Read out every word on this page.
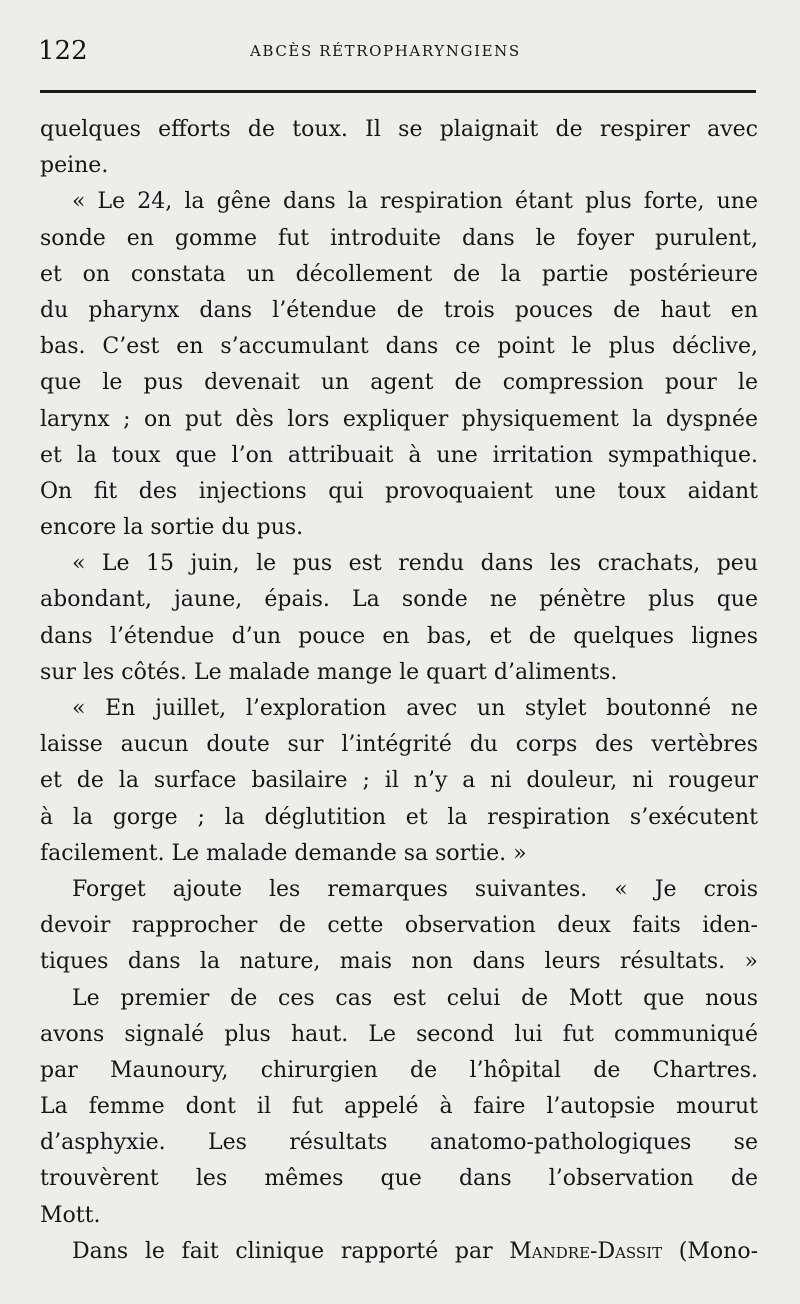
122	ABCÈS RÉTROPHARYNGIENS
quelques efforts de toux. Il se plaignait de respirer avec
peine.
« Le 24, la gêne dans la respiration étant plus forte, une
sonde en gomme fut introduite dans le foyer purulent,
et on constata un décollement de la partie postérieure
du pharynx dans l’étendue de trois pouces de haut en
bas. C’est en s’accumulant dans ce point le plus déclive,
que le pus devenait un agent de compression pour le
larynx ; on put dès lors expliquer physiquement la dyspnée
et la toux que l’on attribuait à une irritation sympathique.
On fit des injections qui provoquaient une toux aidant
encore la sortie du pus.
« Le 15 juin, le pus est rendu dans les crachats, peu
abondant, jaune, épais. La sonde ne pénètre plus que
dans l’étendue d’un pouce en bas, et de quelques lignes
sur les côtés. Le malade mange le quart d’aliments.
« En juillet, l’exploration avec un stylet boutonné ne
laisse aucun doute sur l’intégrité du corps des vertèbres
et de la surface basilaire ; il n’y a ni douleur, ni rougeur
à la gorge ; la déglutition et la respiration s’exécutent
facilement. Le malade demande sa sortie. »
Forget ajoute les remarques suivantes. « Je crois
devoir rapprocher de cette observation deux faits iden-
tiques dans la nature, mais non dans leurs résultats. »
Le premier de ces cas est celui de Mott que nous
avons signalé plus haut. Le second lui fut communiqué
par Maunoury, chirurgien de l’hôpital de Chartres.
La femme dont il fut appelé à faire l’autopsie mourut
d’asphyxie. Les résultats anatomo-pathologiques se
trouvèrent les mêmes que dans l’observation de
Mott.
Dans le fait clinique rapporté par Mandre-Dassit (Mono-
